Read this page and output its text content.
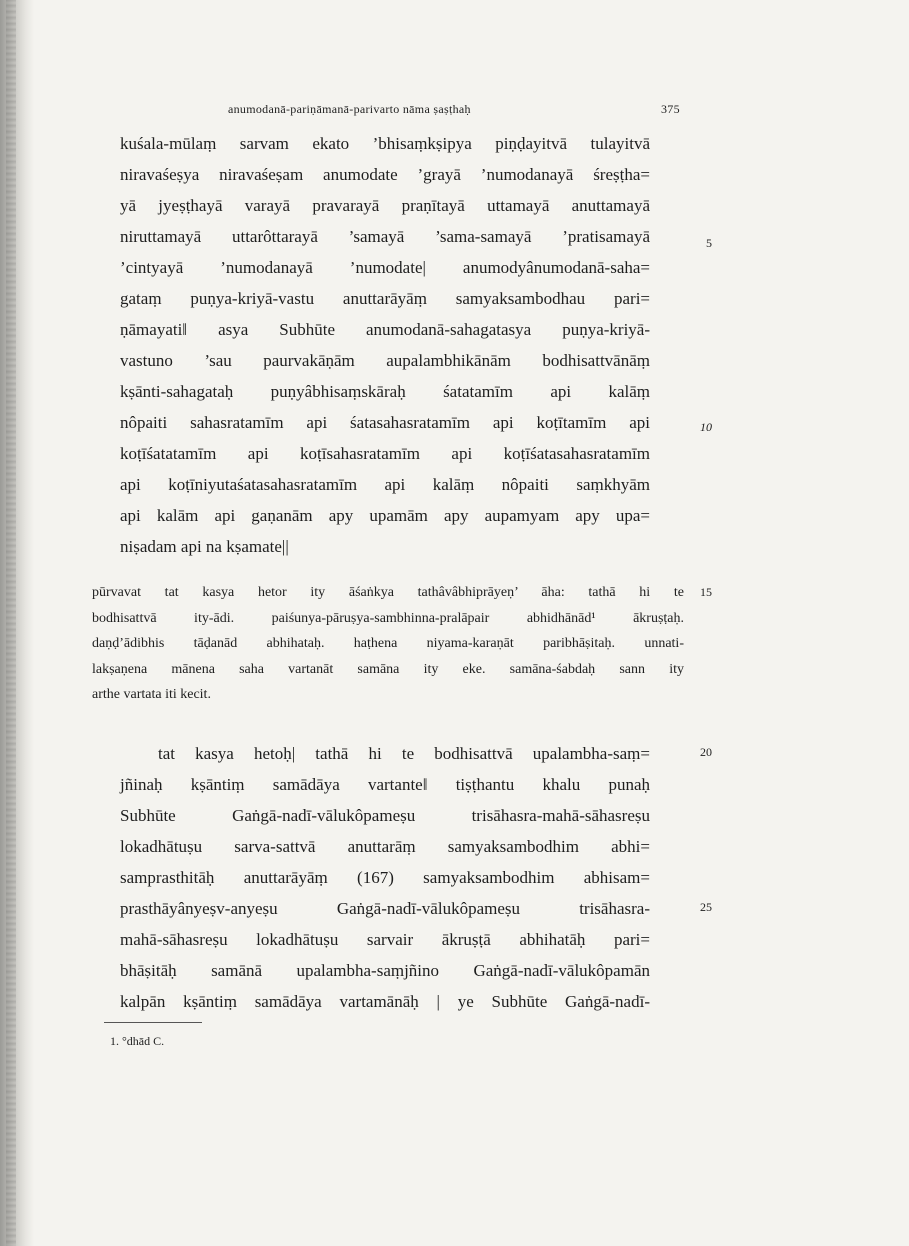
anumodanā-pariṇāmanā-parivarto nāma ṣaṣṭhaḥ	375
kuśala-mūlaṃ sarvam ekato ’bhisaṃkṣipya piṇḍayitvā tulayitvā
niravaśeṣya niravaśeṣam anumodate ’grayā ’numodanayā śreṣṭha=
yā jyeṣṭhayā varayā pravarayā praṇītayā uttamayā anuttamayā
niruttamayā uttarôttarayā ’samayā ’sama-samayā ’pratisamayā
’cintyayā ’numodanayā ’numodate| anumodyânumodanā-saha=
gataṃ puṇya-kriyā-vastu anuttarāyāṃ samyaksambodhau pari=
ṇāmayati‖ asya Subhūte anumodanā-sahagatasya puṇya-kriyā-
vastuno ’sau paurvakāṇām aupalambhikānām bodhisattvānāṃ
kṣānti-sahagataḥ puṇyâbhisaṃskāraḥ śatatamīm api kalāṃ
nôpaiti sahasratamīm api śatasahasratamīm api koṭītamīm api
koṭīśatatamīm api koṭīsahasratamīm api koṭīśatasahasratamīm
api koṭīniyutaśatasahasratamīm api kalāṃ nôpaiti saṃkhyām
api kalām api gaṇanām apy upamām apy aupamyam apy upa=
niṣadam api na kṣamate||
pūrvavat tat kasya hetor ity āśaṅkya tathâvâbhiprāyeṇ’ āha: tathā hi te
bodhisattvā ity-ādi. paiśunya-pāruṣya-sambhinna-pralāpair abhidhānād¹ ākruṣṭaḥ.
daṇḍ’ādibhis tāḍanād abhihataḥ. haṭhena niyama-karaṇāt paribhāṣitaḥ. unnati-
lakṣaṇena mānena saha vartanāt samāna ity eke. samāna-śabdaḥ sann ity
arthe vartata iti kecit.
tat kasya hetoḥ| tathā hi te bodhisattvā upalambha-saṃ=
jñinaḥ kṣāntiṃ samādāya vartante‖ tiṣṭhantu khalu punaḥ
Subhūte Gaṅgā-nadī-vālukôpameṣu trisāhasra-mahā-sāhasreṣu
lokadhātuṣu sarva-sattvā anuttarāṃ samyaksambodhim abhi=
samprasthitāḥ anuttarāyāṃ (167) samyaksambodhim abhisam=
prasthāyânyeṣv-anyeṣu Gaṅgā-nadī-vālukôpameṣu trisāhasra-
mahā-sāhasreṣu lokadhātuṣu sarvair ākruṣṭā abhihatāḥ pari=
bhāṣitāḥ samānā upalambha-saṃjñino Gaṅgā-nadī-vālukôpamān
kalpān kṣāntiṃ samādāya vartamānāḥ | ye Subhūte Gaṅgā-nadī-
5
10
15
20
25
1. °dhād C.
